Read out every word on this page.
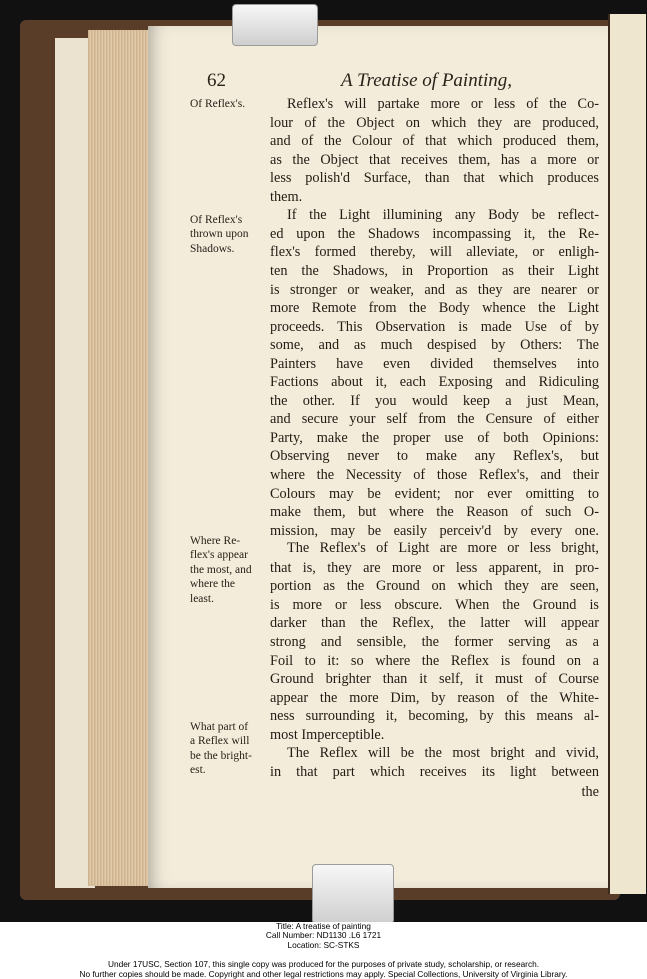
62	A Treatise of Painting,
Of Reflex's.
Of Reflex's
thrown upon
Shadows.
Where Re-
flex's appear
the most, and
where the
least.
What part of
a Reflex will
be the bright-
est.
Reflex's will partake more or less of the Co-
lour of the Object on which they are produced,
and of the Colour of that which produced them,
as the Object that receives them, has a more or
less polish'd Surface, than that which produces
them.
If the Light illumining any Body be reflect-
ed upon the Shadows incompassing it, the Re-
flex's formed thereby, will alleviate, or enligh-
ten the Shadows, in Proportion as their Light
is stronger or weaker, and as they are nearer or
more Remote from the Body whence the Light
proceeds. This Observation is made Use of by
some, and as much despised by Others: The
Painters have even divided themselves into
Factions about it, each Exposing and Ridiculing
the other. If you would keep a just Mean,
and secure your self from the Censure of either
Party, make the proper use of both Opinions:
Observing never to make any Reflex's, but
where the Necessity of those Reflex's, and their
Colours may be evident; nor ever omitting to
make them, but where the Reason of such O-
mission, may be easily perceiv'd by every one.
The Reflex's of Light are more or less bright,
that is, they are more or less apparent, in pro-
portion as the Ground on which they are seen,
is more or less obscure. When the Ground is
darker than the Reflex, the latter will appear
strong and sensible, the former serving as a
Foil to it: so where the Reflex is found on a
Ground brighter than it self, it must of Course
appear the more Dim, by reason of the White-
ness surrounding it, becoming, by this means al-
most Imperceptible.
The Reflex will be the most bright and vivid,
in that part which receives its light between
the
Title: A treatise of painting
Call Number: ND1130 .L6 1721
Location: SC-STKS
Under 17USC, Section 107, this single copy was produced for the purposes of private study, scholarship, or research.
No further copies should be made. Copyright and other legal restrictions may apply. Special Collections, University of Virginia Library.
